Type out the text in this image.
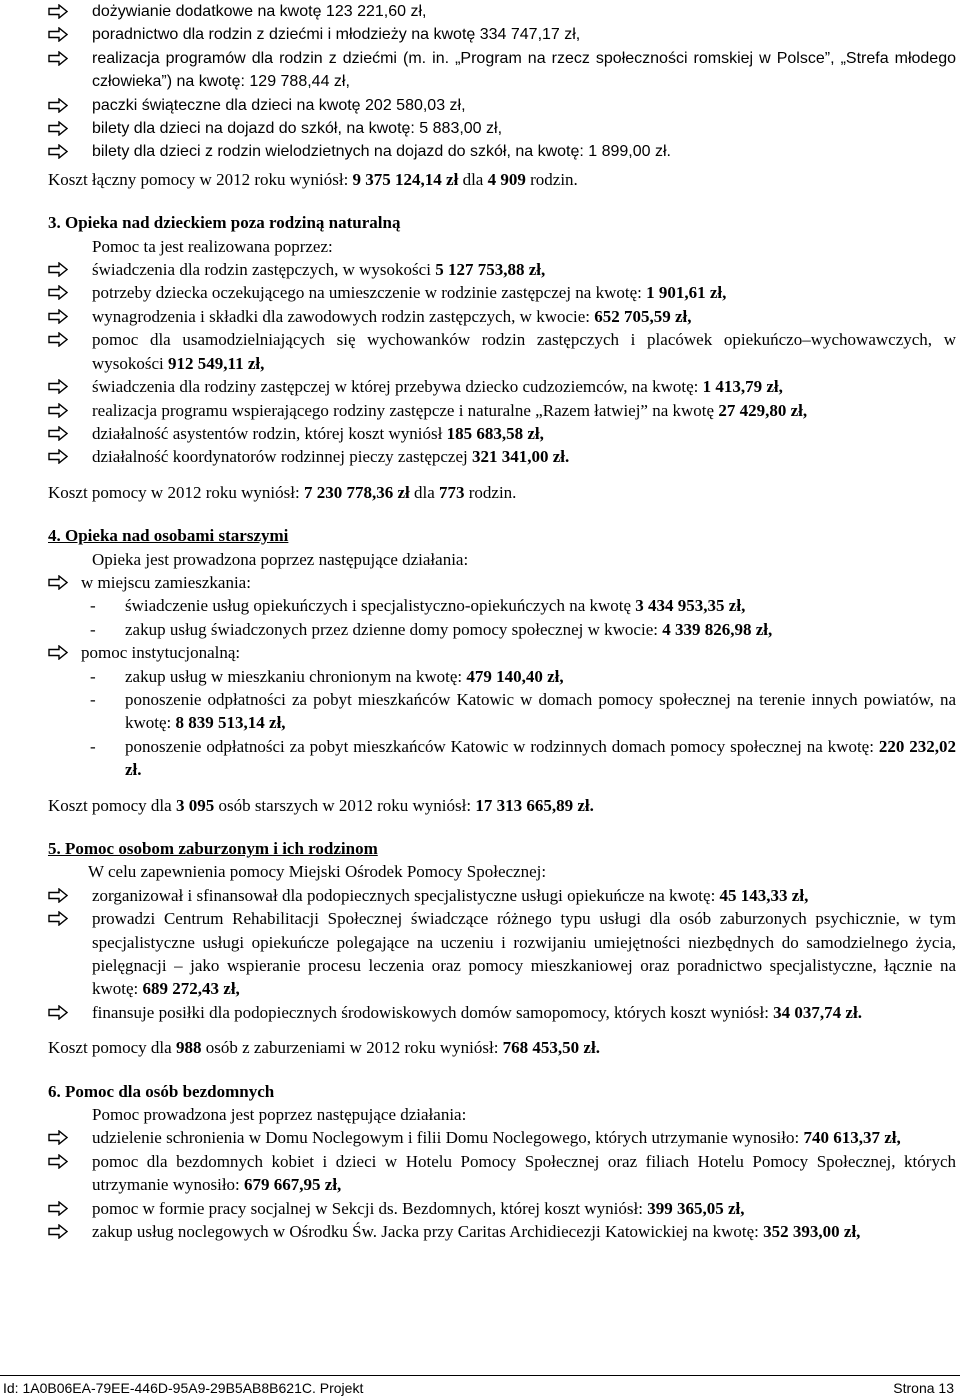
dożywianie dodatkowe na kwotę 123 221,60 zł,
poradnictwo dla rodzin z dziećmi i młodzieży na kwotę 334 747,17 zł,
realizacja programów dla rodzin z dziećmi (m. in. „Program na rzecz społeczności romskiej w Polsce”, „Strefa młodego człowieka”) na kwotę: 129 788,44 zł,
paczki świąteczne dla dzieci na kwotę 202 580,03 zł,
bilety dla dzieci na dojazd do szkół, na kwotę: 5 883,00 zł,
bilety dla dzieci z rodzin wielodzietnych na dojazd do szkół, na kwotę: 1 899,00 zł.
Koszt łączny pomocy w 2012 roku wyniósł: 9 375 124,14 zł dla 4 909 rodzin.
3. Opieka nad dzieckiem poza rodziną naturalną
Pomoc ta jest realizowana poprzez:
świadczenia dla rodzin zastępczych, w wysokości 5 127 753,88 zł,
potrzeby dziecka oczekującego na umieszczenie w rodzinie zastępczej na kwotę: 1 901,61 zł,
wynagrodzenia i składki dla zawodowych rodzin zastępczych, w kwocie: 652 705,59 zł,
pomoc dla usamodzielniających się wychowanków rodzin zastępczych i placówek opiekuńczo–wychowawczych, w wysokości 912 549,11 zł,
świadczenia dla rodziny zastępczej w której przebywa dziecko cudzoziemców, na kwotę: 1 413,79 zł,
realizacja programu wspierającego rodziny zastępcze i naturalne „Razem łatwiej” na kwotę 27 429,80 zł,
działalność asystentów rodzin, której koszt wyniósł 185 683,58 zł,
działalność koordynatorów rodzinnej pieczy zastępczej 321 341,00 zł.
Koszt pomocy w 2012 roku wyniósł: 7 230 778,36 zł dla 773 rodzin.
4. Opieka nad osobami starszymi
Opieka jest prowadzona poprzez następujące działania:
w miejscu zamieszkania:
- świadczenie usług opiekuńczych i specjalistyczno-opiekuńczych na kwotę 3 434 953,35 zł,
- zakup usług świadczonych przez dzienne domy pomocy społecznej w kwocie: 4 339 826,98 zł,
pomoc instytucjonalną:
- zakup usług w mieszkaniu chronionym na kwotę: 479 140,40 zł,
- ponoszenie odpłatności za pobyt mieszkańców Katowic w domach pomocy społecznej na terenie innych powiatów, na kwotę: 8 839 513,14 zł,
- ponoszenie odpłatności za pobyt mieszkańców Katowic w rodzinnych domach pomocy społecznej na kwotę: 220 232,02 zł.
Koszt pomocy dla 3 095 osób starszych w 2012 roku wyniósł: 17 313 665,89 zł.
5. Pomoc osobom zaburzonym i ich rodzinom
W celu zapewnienia pomocy Miejski Ośrodek Pomocy Społecznej:
zorganizował i sfinansował dla podopiecznych specjalistyczne usługi opiekuńcze na kwotę: 45 143,33 zł,
prowadzi Centrum Rehabilitacji Społecznej świadczące różnego typu usługi dla osób zaburzonych psychicznie, w tym specjalistyczne usługi opiekuńcze polegające na uczeniu i rozwijaniu umiejętności niezbędnych do samodzielnego życia, pielęgnacji – jako wspieranie procesu leczenia oraz pomocy mieszkaniowej oraz poradnictwo specjalistyczne, łącznie na kwotę: 689 272,43 zł,
finansuje posiłki dla podopiecznych środowiskowych domów samopomocy, których koszt wyniósł: 34 037,74 zł.
Koszt pomocy dla 988 osób z zaburzeniami w 2012 roku wyniósł: 768 453,50 zł.
6. Pomoc dla osób bezdomnych
Pomoc prowadzona jest poprzez następujące działania:
udzielenie schronienia w Domu Noclegowym i filii Domu Noclegowego, których utrzymanie wynosiło: 740 613,37 zł,
pomoc dla bezdomnych kobiet i dzieci w Hotelu Pomocy Społecznej oraz filiach Hotelu Pomocy Społecznej, których utrzymanie wynosiło: 679 667,95 zł,
pomoc w formie pracy socjalnej w Sekcji ds. Bezdomnych, której koszt wyniósł: 399 365,05 zł,
zakup usług noclegowych w Ośrodku Św. Jacka przy Caritas Archidiecezji Katowickiej na kwotę: 352 393,00 zł,
Id: 1A0B06EA-79EE-446D-95A9-29B5AB8B621C. Projekt	Strona 13
